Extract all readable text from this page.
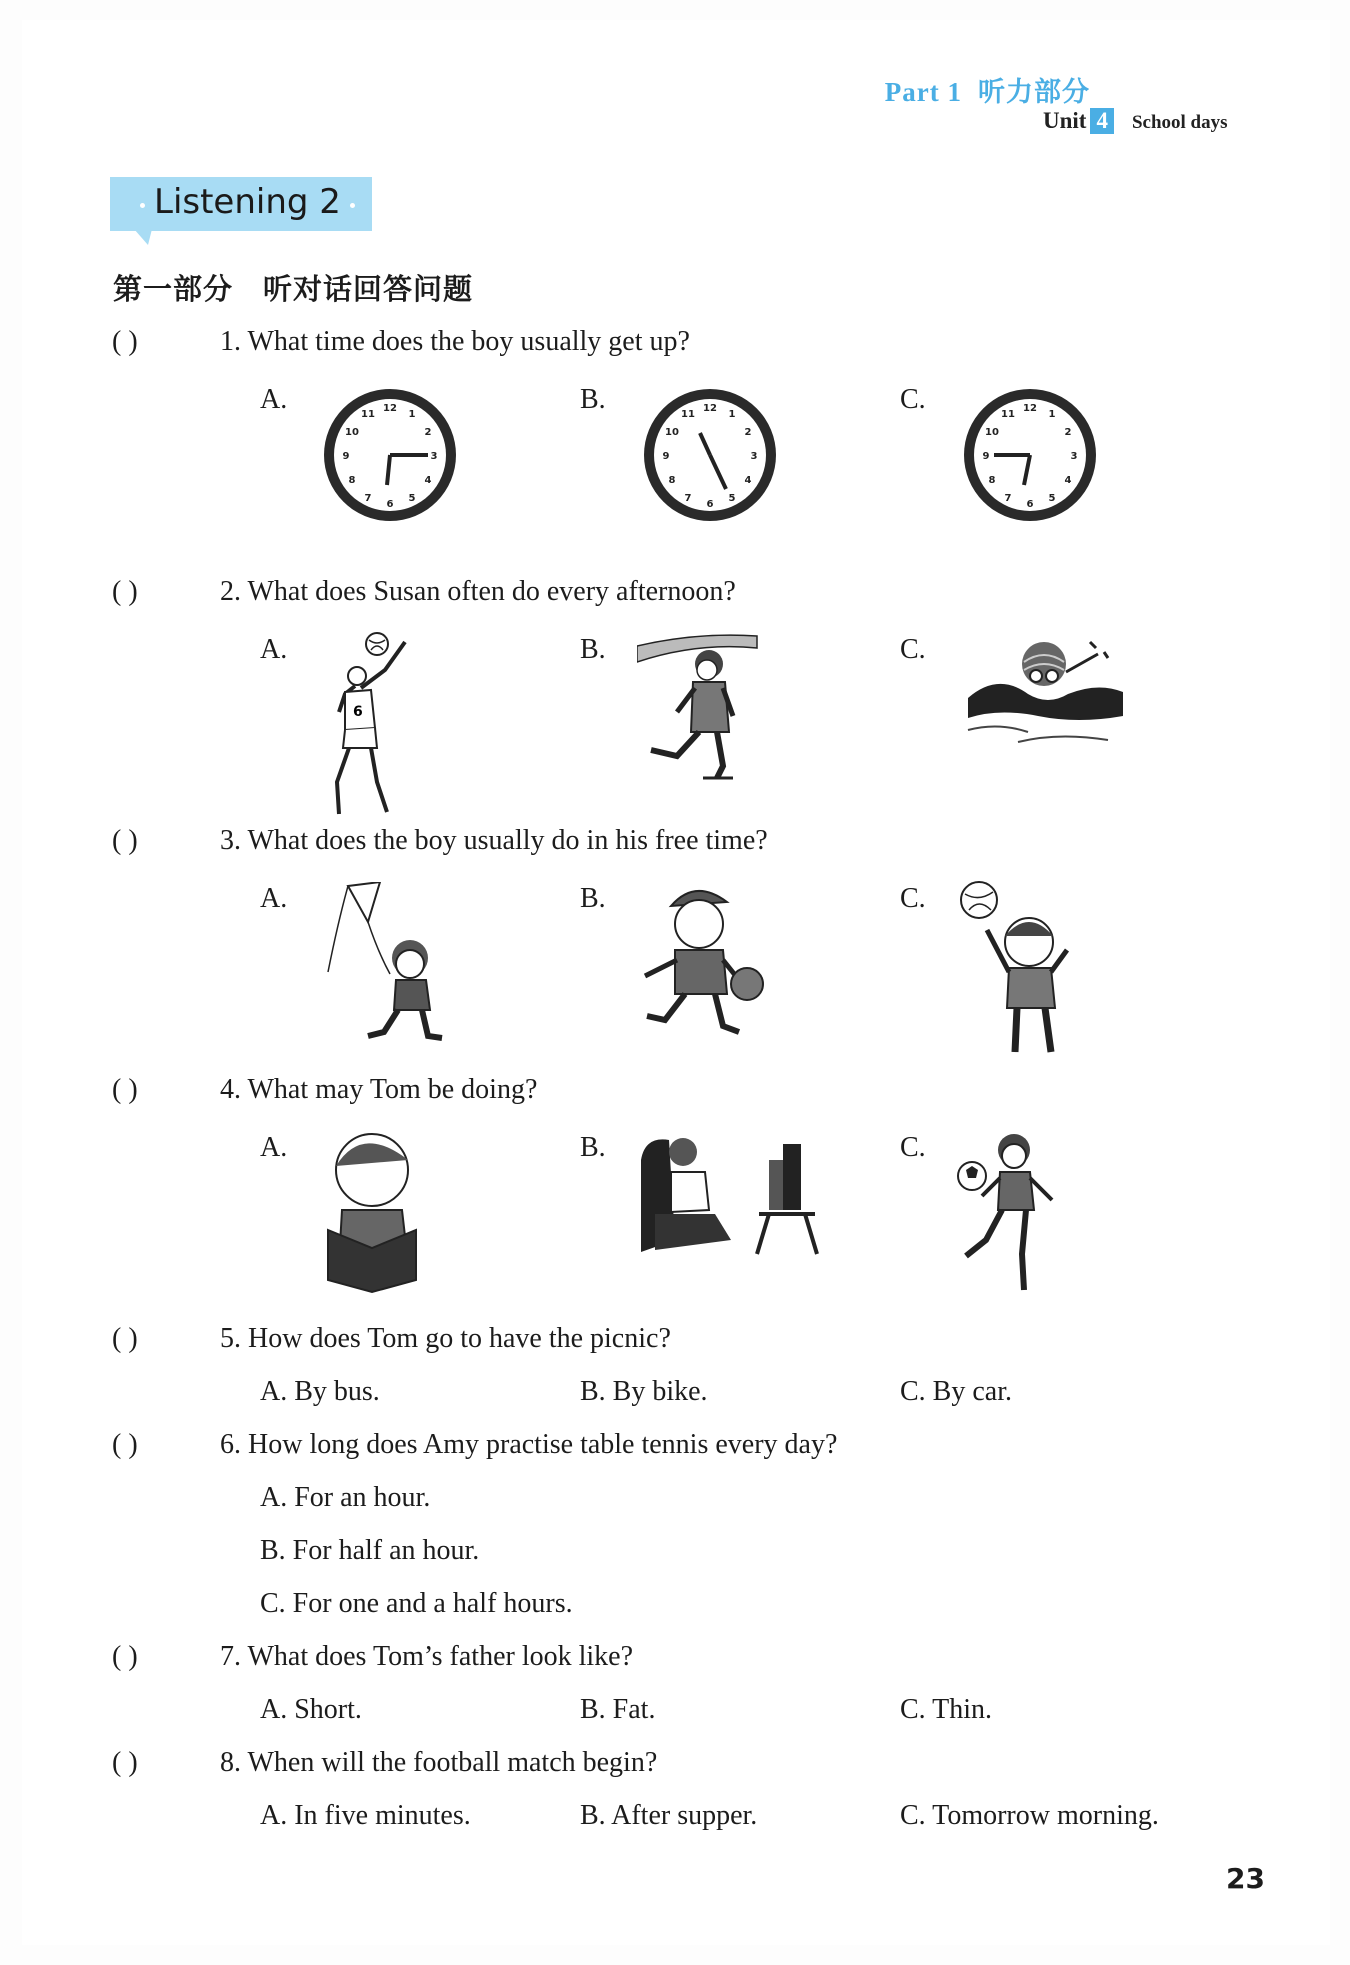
Part 1 听力部分
Unit 4 School days
Listening 2
第一部分　听对话回答问题
( )	1. What time does the boy usually get up?
A.	B.	C.
12
3
6
9
1
2
4
5
7
8
10
11
12
3
6
9
1
2
4
5
7
8
10
11
12
3
6
9
1
2
4
5
7
8
10
11
( )	2. What does Susan often do every afternoon?
A.	B.	C.
6
( )	3. What does the boy usually do in his free time?
A.	B.	C.
( )	4. What may Tom be doing?
A.	B.	C.
( )	5. How does Tom go to have the picnic?
A. By bus.	B. By bike.	C. By car.
( )	6. How long does Amy practise table tennis every day?
A. For an hour.
B. For half an hour.
C. For one and a half hours.
( )	7. What does Tom’s father look like?
A. Short.	B. Fat.	C. Thin.
( )	8. When will the football match begin?
A. In five minutes.	B. After supper.	C. Tomorrow morning.
23
